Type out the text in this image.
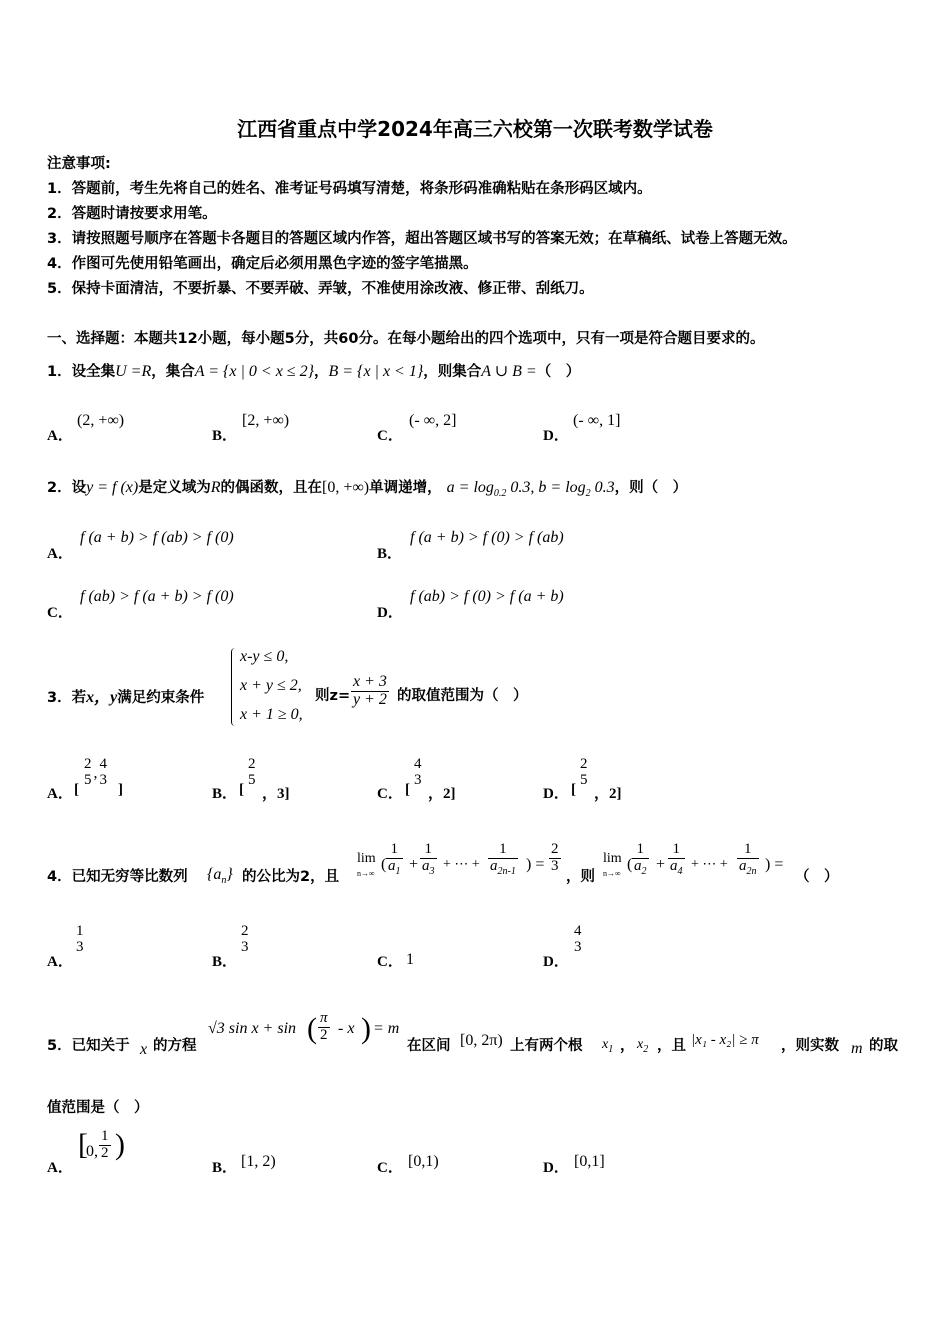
江西省重点中学2024年高三六校第一次联考数学试卷
注意事项:
1．答题前，考生先将自己的姓名、准考证号码填写清楚，将条形码准确粘贴在条形码区域内。
2．答题时请按要求用笔。
3．请按照题号顺序在答题卡各题目的答题区域内作答，超出答题区域书写的答案无效；在草稿纸、试卷上答题无效。
4．作图可先使用铅笔画出，确定后必须用黑色字迹的签字笔描黑。
5．保持卡面清洁，不要折暴、不要弄破、弄皱，不准使用涂改液、修正带、刮纸刀。
一、选择题：本题共12小题，每小题5分，共60分。在每小题给出的四个选项中，只有一项是符合题目要求的。
1．设全集U =R，集合A = {x | 0 < x ≤ 2}，B = {x | x < 1}，则集合A ∪ B =（　）
A．
(2, +∞)
B．
[2, +∞)
C．
(- ∞, 2]
D．
(- ∞, 1]
2．设y = f (x)是定义域为R的偶函数，且在[0, +∞)单调递增， $a = \log_{0.2} 0.3$, $b = \log_2 0.3$，则（　）
A．
f (a + b) > f (ab) > f (0)
B．
f (a + b) > f (0) > f (ab)
C．
f (ab) > f (a + b) > f (0)
D．
f (ab) > f (0) > f (a + b)
3．若x，y满足约束条件
x-y ≤ 0,
x + y ≤ 2,
x + 1 ≥ 0,
则$z= \frac{x + 3}{y + 2}$ 的取值范围为（　）
A． [
2
5 ,
4
3
]	B． [
2
5
，3]	C． [
4
3
，2]	D． [
2
5
，2]
4．已知无穷等比数列 $\{a_n\}$ 的公比为2，且
lim
n→∞
( $\frac{1}{a_1} + \frac{1}{a_3}$ + ⋯ + $\frac{1}{a_{2n-1}}$ ) = $\frac{2}{3}$
，则
lim
n→∞
( $\frac{1}{a_2} + \frac{1}{a_4}$ + ⋯ + $\frac{1}{a_{2n}}$ ) =
（　）
A．
1
3
B．
2
3
C． 1	D．
4
3
5．已知关于 x 的方程
√3 sin x + sin ( $\frac{\pi}{2}$ - x ) = m
在区间 [0, 2π) 上有两个根 $x_1$ ， $x_2$ ，且 |x₁ - x₂| ≥ π ，则实数 m 的取
值范围是（　）
A．
[
0, $\frac{1}{2}$ )
B． [1, 2)	C． [0,1)	D． [0,1]
